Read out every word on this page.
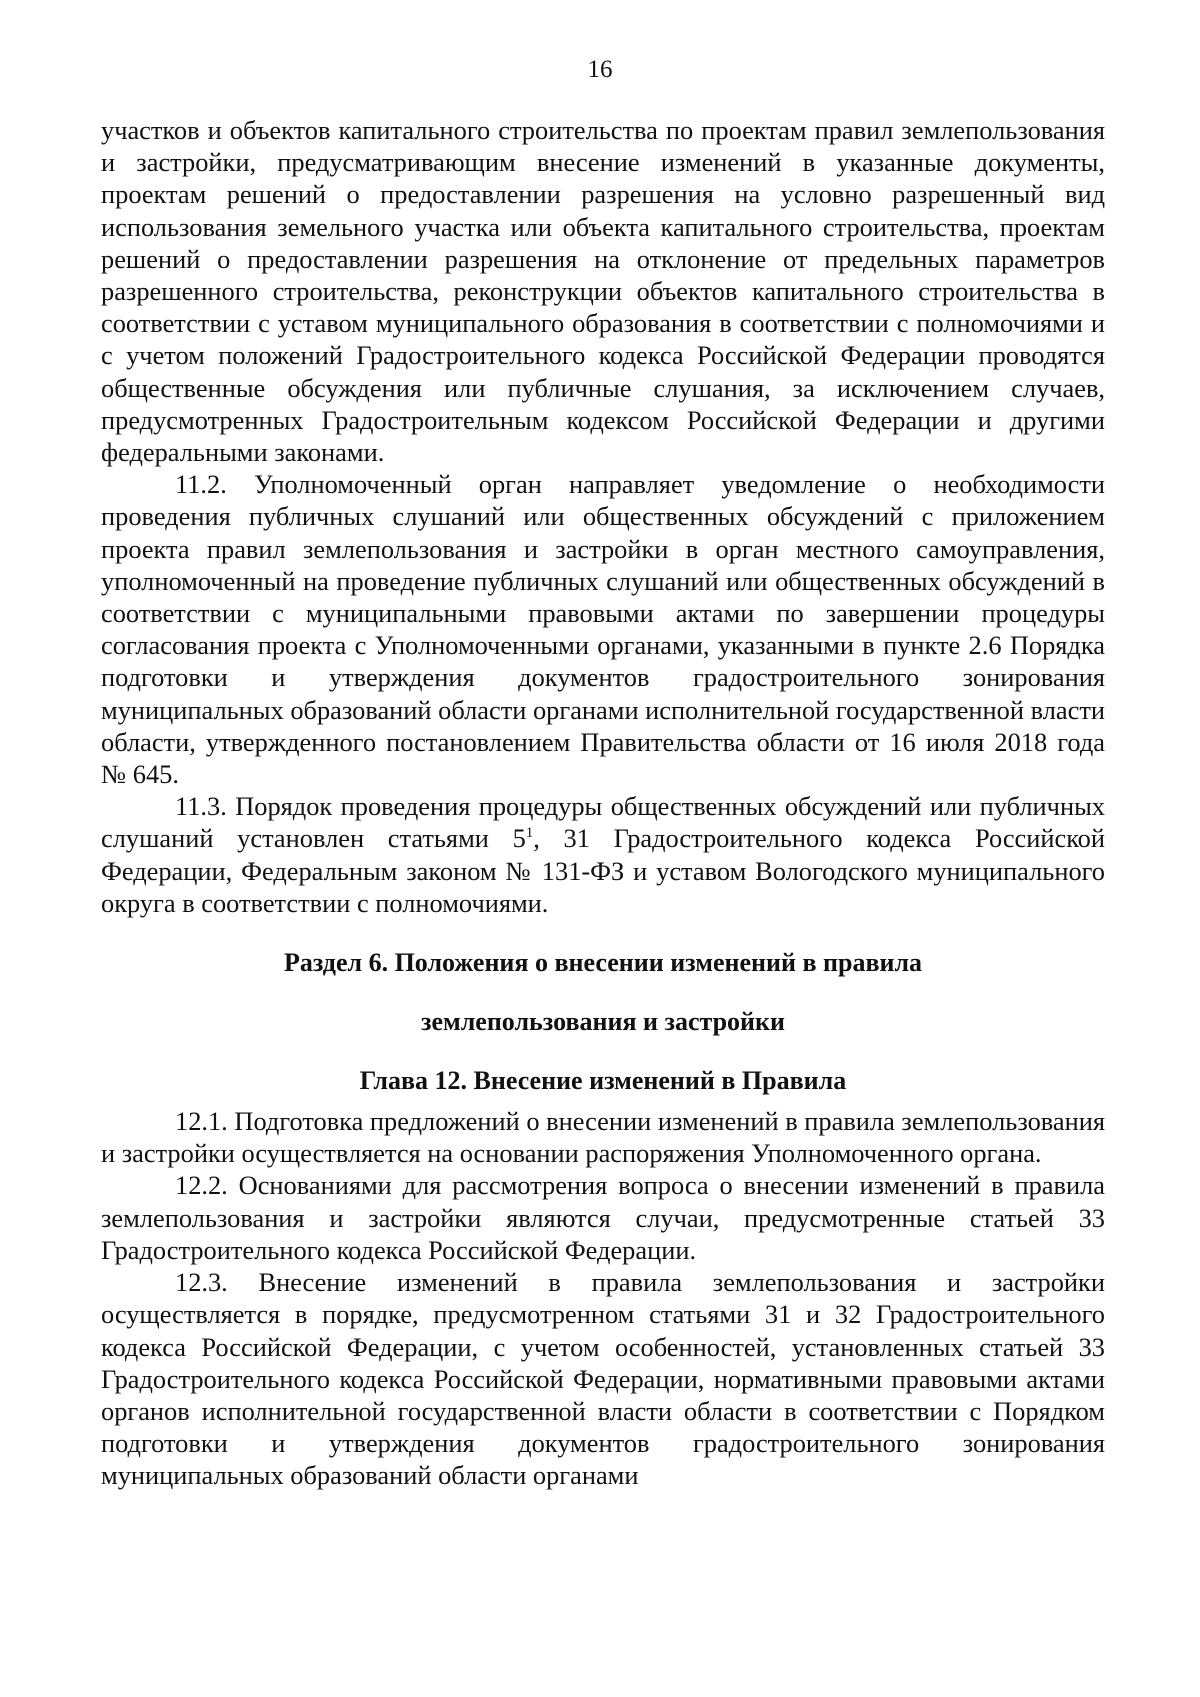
16

участков и объектов капитального строительства по проектам правил землепользования и застройки, предусматривающим внесение изменений в указанные документы, проектам решений о предоставлении разрешения на условно разрешенный вид использования земельного участка или объекта капитального строительства, проектам решений о предоставлении разрешения на отклонение от предельных параметров разрешенного строительства, реконструкции объектов капитального строительства в соответствии с уставом муниципального образования в соответствии с полномочиями и с учетом положений Градостроительного кодекса Российской Федерации проводятся общественные обсуждения или публичные слушания, за исключением случаев, предусмотренных Градостроительным кодексом Российской Федерации и другими федеральными законами.

11.2. Уполномоченный орган направляет уведомление о необходимости проведения публичных слушаний или общественных обсуждений с приложением проекта правил землепользования и застройки в орган местного самоуправления, уполномоченный на проведение публичных слушаний или общественных обсуждений в соответствии с муниципальными правовыми актами по завершении процедуры согласования проекта с Уполномоченными органами, указанными в пункте 2.6 Порядка подготовки и утверждения документов градостроительного зонирования муниципальных образований области органами исполнительной государственной власти области, утвержденного постановлением Правительства области от 16 июля 2018 года № 645.

11.3. Порядок проведения процедуры общественных обсуждений или публичных слушаний установлен статьями $5^1$, 31 Градостроительного кодекса Российской Федерации, Федеральным законом № 131-ФЗ и уставом Вологодского муниципального округа в соответствии с полномочиями.

Раздел 6. Положения о внесении изменений в правила

землепользования и застройки

Глава 12. Внесение изменений в Правила

12.1. Подготовка предложений о внесении изменений в правила землепользования и застройки осуществляется на основании распоряжения Уполномоченного органа.

12.2. Основаниями для рассмотрения вопроса о внесении изменений в правила землепользования и застройки являются случаи, предусмотренные статьей 33 Градостроительного кодекса Российской Федерации.

12.3. Внесение изменений в правила землепользования и застройки осуществляется в порядке, предусмотренном статьями 31 и 32 Градостроительного кодекса Российской Федерации, с учетом особенностей, установленных статьей 33 Градостроительного кодекса Российской Федерации, нормативными правовыми актами органов исполнительной государственной власти области в соответствии с Порядком подготовки и утверждения документов градостроительного зонирования муниципальных образований области органами
